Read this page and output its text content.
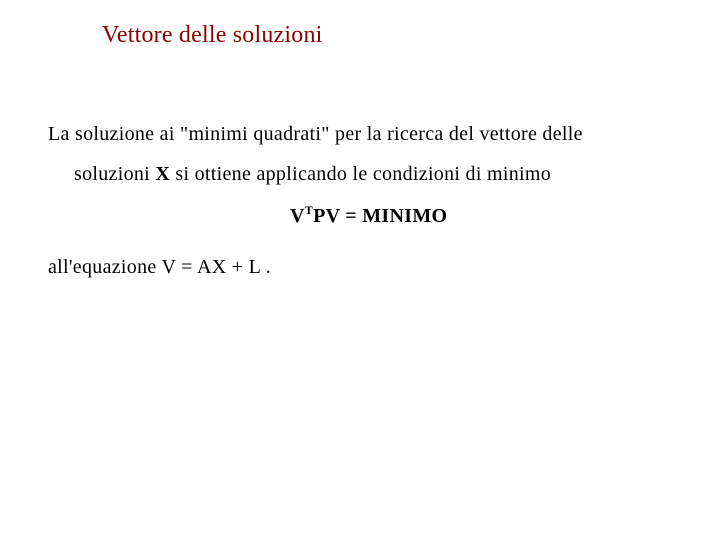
Vettore delle soluzioni
La soluzione ai "minimi quadrati" per la ricerca del vettore delle
soluzioni X si ottiene applicando le condizioni di minimo
$V^TPV$ = MINIMO
all'equazione V = AX + L .
